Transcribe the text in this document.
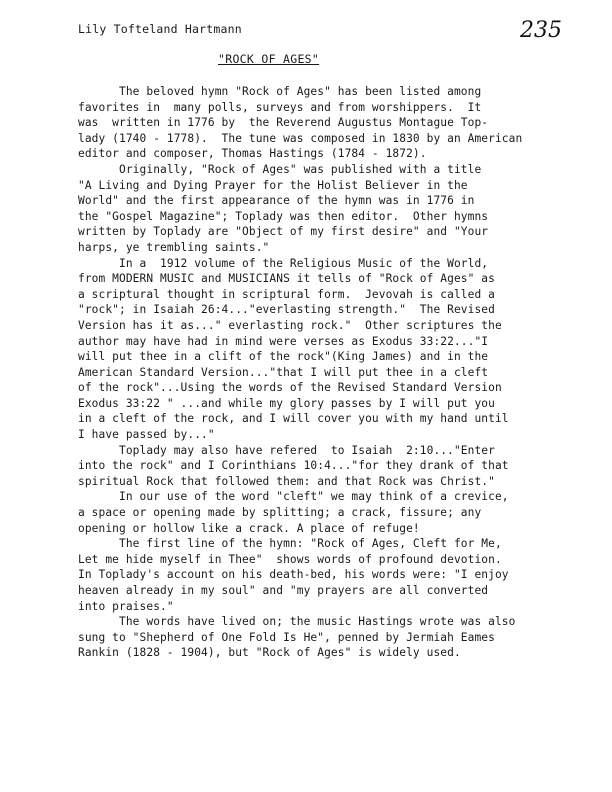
Lily Tofteland Hartmann	235
"ROCK OF AGES"
The beloved hymn "Rock of Ages" has been listed among
favorites in  many polls, surveys and from worshippers.  It
was  written in 1776 by  the Reverend Augustus Montague Top-
lady (1740 - 1778).  The tune was composed in 1830 by an American
editor and composer, Thomas Hastings (1784 - 1872).
Originally, "Rock of Ages" was published with a title
"A Living and Dying Prayer for the Holist Believer in the
World" and the first appearance of the hymn was in 1776 in
the "Gospel Magazine"; Toplady was then editor.  Other hymns
written by Toplady are "Object of my first desire" and "Your
harps, ye trembling saints."
In a  1912 volume of the Religious Music of the World,
from MODERN MUSIC and MUSICIANS it tells of "Rock of Ages" as
a scriptural thought in scriptural form.  Jevovah is called a
"rock"; in Isaiah 26:4..."everlasting strength."  The Revised
Version has it as..." everlasting rock."  Other scriptures the
author may have had in mind were verses as Exodus 33:22..."I
will put thee in a clift of the rock"(King James) and in the
American Standard Version..."that I will put thee in a cleft
of the rock"...Using the words of the Revised Standard Version
Exodus 33:22 " ...and while my glory passes by I will put you
in a cleft of the rock, and I will cover you with my hand until
I have passed by..."
Toplady may also have refered  to Isaiah  2:10..."Enter
into the rock" and I Corinthians 10:4..."for they drank of that
spiritual Rock that followed them: and that Rock was Christ."
In our use of the word "cleft" we may think of a crevice,
a space or opening made by splitting; a crack, fissure; any
opening or hollow like a crack. A place of refuge!
The first line of the hymn: "Rock of Ages, Cleft for Me,
Let me hide myself in Thee"  shows words of profound devotion.
In Toplady's account on his death-bed, his words were: "I enjoy
heaven already in my soul" and "my prayers are all converted
into praises."
The words have lived on; the music Hastings wrote was also
sung to "Shepherd of One Fold Is He", penned by Jermiah Eames
Rankin (1828 - 1904), but "Rock of Ages" is widely used.
